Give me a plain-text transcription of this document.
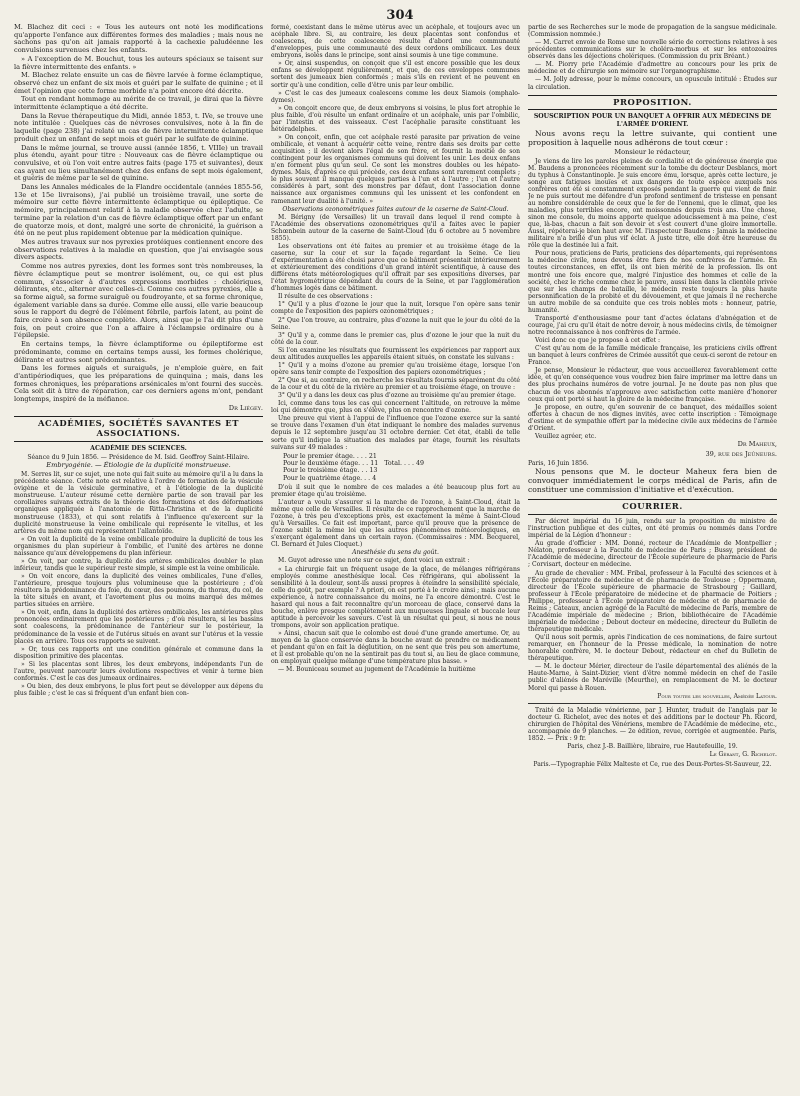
304

M. Blachez dit ceci : « Tous les auteurs ont noté les modifications qu'apporte l'enfance aux différentes formes des maladies ; mais nous ne sachons pas qu'on ait jamais rapporté à la cachexie paludéenne les convulsions survenues chez les enfants.

» A l'exception de M. Bouchut, tous les auteurs spéciaux se taisent sur la fièvre intermittente des enfants. »

M. Blachez relate ensuite un cas de fièvre larvée à forme éclamptique, observé chez un enfant de six mois et guéri par le sulfate de quinine ; et il émet l'opinion que cette forme morbide n'a point encore été décrite.

Tout en rendant hommage au mérite de ce travail, je dirai que la fièvre intermittente éclamptique a été décrite.

Dans la Revue thérapeutique du Midi, année 1853, t. IVe, se trouve une note intitulée : Quelques cas de névroses convulsives, note à la fin de laquelle (page 238) j'ai relaté un cas de fièvre intermittente éclamptique produit chez un enfant de sept mois et guéri par le sulfate de quinine.

Dans le même journal, se trouve aussi (année 1856, t. VIIIe) un travail plus étendu, ayant pour titre : Nouveaux cas de fièvre éclamptique ou convulsive, et où l'on voit entre autres faits (page 175 et suivantes), deux cas ayant eu lieu simultanément chez des enfans de sept mois également, et guéris de même par le sel de quinine.

Dans les Annales médicales de la Flandre occidentale (années 1855-56, 13e et 15e livraisons), j'ai publié un troisième travail, une sorte de mémoire sur cette fièvre intermittente éclamptique ou épileptique. Ce mémoire, principalement relatif à la maladie observée chez l'adulte, se termine par la relation d'un cas de fièvre éclamptique offert par un enfant de quatorze mois, et dont, malgré une sorte de chronicité, la guérison a été on ne peut plus rapidement obtenue par la médication quinique.

Mes autres travaux sur nos pyrexies protéiques contiennent encore des observations relatives à la maladie en question, que j'ai envisagée sous divers aspects.

Comme nos autres pyrexies, dont les formes sont très nombreuses, la fièvre éclamptique peut se montrer isolément, ou, ce qui est plus commun, s'associer à d'autres expressions morbides : cholériques, délirantes, etc., alterner avec celles-ci. Comme ces autres pyrexies, elle a sa forme aiguë, sa forme suraiguë ou foudroyante, et sa forme chronique, également variable dans sa durée. Comme elle aussi, elle varie beaucoup sous le rapport du degré de l'élément fébrile, parfois latent, au point de faire croire à son absence complète. Alors, ainsi que je l'ai dit plus d'une fois, on peut croire que l'on a affaire à l'éclampsie ordinaire ou à l'épilepsie.

En certains temps, la fièvre éclamptiforme ou épileptiforme est prédominante, comme en certains temps aussi, les formes cholérique, délirante et autres sont prédominantes.

Dans les formes aiguës et suraiguës, je n'emploie guère, en fait d'antipériodiques, que les préparations de quinquina ; mais, dans les formes chroniques, les préparations arsénicales m'ont fourni des succès. Cela soit dit à titre de réparation, car ces derniers agens m'ont, pendant longtemps, inspiré de la méfiance.

Dr Liégey.
ACADÉMIES, SOCIÉTÉS SAVANTES ET ASSOCIATIONS.
ACADÉMIE DES SCIENCES.

Séance du 9 Juin 1856. — Présidence de M. Isid. Geoffroy Saint-Hilaire.

Embryogénie. — Étiologie de la duplicité monstrueuse.

M. Serres lit, sur ce sujet, une note qui fait suite au mémoire qu'il a lu dans la précédente séance. Cette note est relative à l'ordre de formation de la vésicule ovigène et de la vésicule germinative, et à l'étiologie de la duplicité monstrueuse. L'auteur résume cette dernière partie de son travail par les corollaires suivans extraits de la théorie des formations et des déformations organiques appliquée à l'anatomie de Ritta-Christina et de la duplicité monstrueuse (1833), et qui sont relatifs à l'influence qu'exercent sur la duplicité monstrueuse la veine ombilicale qui représente le vitellus, et les artères du même nom qui représentent l'allantoïde.

« On voit la duplicité de la veine ombilicale produire la duplicité de tous les organismes du plan supérieur à l'ombilic, et l'unité des artères ne donne naissance qu'aux développemens du plan inférieur.

» On voit, par contre, la duplicité des artères ombilicales doubler le plan inférieur, tandis que le supérieur reste simple, si simple est la veine ombilicale.

» On voit encore, dans la duplicité des veines ombilicales, l'une d'elles, l'antérieure, presque toujours plus volumineuse que la postérieure ; d'où résultera la prédominance du foie, du cœur, des poumons, du thorax, du col, de la tête situés en avant, et l'avortement plus ou moins marqué des mêmes parties situées en arrière.

» On voit, enfin, dans la duplicité des artères ombilicales, les antérieures plus prononcées ordinairement que les postérieures ; d'où résultera, si les bassins sont coalescens, la prédominance de l'antérieur sur le postérieur, la prédominance de la vessie et de l'utérus situés en avant sur l'utérus et la vessie placés en arrière. Tous ces rapports se suivent.

» Or, tous ces rapports ont une condition générale et commune dans la disposition primitive des placentas.

» Si les placentas sont libres, les deux embryons, indépendants l'un de l'autre, peuvent parcourir leurs évolutions respectives et venir à terme bien conformés. C'est le cas des jumeaux ordinaires.

» Ou bien, des deux embryons, le plus fort peut se développer aux dépens du plus faible ; c'est le cas si fréquent d'un enfant bien con-

formé, coexistant dans le même utérus avec un acéphale, et toujours avec un acéphale libre. Si, au contraire, les deux placentas sont confondus et coalescens, de cette coalescence résulte d'abord une communauté d'enveloppes, puis une communauté des deux cordons ombilicaux. Les deux embryons, isolés dans le principe, sont ainsi soumis à une tige commune.

» Or, ainsi suspendus, on conçoit que s'il est encore possible que les deux enfans se développent régulièrement, et que, de ces enveloppes communes sortent des jumeaux bien conformés ; mais s'ils en revient et ne peuvent en sortir qu'à une condition, celle d'être unis par leur ombilic.

» C'est le cas des jumeaux coalescens comme les deux Siamois (omphalo-dymes).

» On conçoit encore que, de deux embryons si voisins, le plus fort atrophie le plus faible, d'où résulte un enfant ordinaire et un acéphale, unis par l'ombilic, par l'intestin et des vaisseaux. C'est l'acéphalie parasite constituant les hétéradelphes.

» On conçoit, enfin, que cet acéphale resté parasite par privation de veine ombilicale, et venant à acquérir cette veine, rentre dans ses droits par cette acquisition ; il devient alors l'égal de son frère, et fournit la moitié de son contingent pour les organismes communs qui doivent les unir. Les deux enfans n'en forment plus qu'un seul. Ce sont les monstres doubles ou les hépato-dymes. Mais, d'après ce qui précède, ces deux enfans sont rarement complets ; le plus souvent il manque quelques parties à l'un et à l'autre ; l'un et l'autre considérés à part, sont des monstres par défaut, dont l'association donne naissance aux organismes communs qui les unissent et les confondent en ramenant leur dualité à l'unité. »

Observations ozonométriques faites autour de la caserne de Saint-Cloud.

M. Bérigny (de Versailles) lit un travail dans lequel il rend compte à l'Académie des observations ozonométriques qu'il a faites avec le papier Schœnbein autour de la caserne de Saint-Cloud (du 6 octobre au 5 novembre 1855).

Les observations ont été faites au premier et au troisième étage de la caserne, sur la cour et sur la façade regardant la Seine. Ce lieu d'expérimentation a été choisi parce que ce bâtiment présentait intérieurement et extérieurement des conditions d'un grand intérêt scientifique, à cause des différens états météorologiques qu'il offrait par ses expositions diverses, par l'état hygrométrique dépendant du cours de la Seine, et par l'agglomération d'hommes logés dans ce bâtiment.

Il résulte de ces observations :

1° Qu'il y a plus d'ozone le jour que la nuit, lorsque l'on opère sans tenir compte de l'exposition des papiers ozonométriques ;

2° Que l'on trouve, au contraire, plus d'ozone la nuit que le jour du côté de la Seine.

3° Qu'il y a, comme dans le premier cas, plus d'ozone le jour que la nuit du côté de la cour.

Si l'on examine les résultats que fournissent les expériences par rapport aux deux altitudes auxquelles les appareils étaient situés, on constate les suivans :

1° Qu'il y a moins d'ozone au premier qu'au troisième étage, lorsque l'on opère sans tenir compte de l'exposition des papiers ozonométriques ;

2° Que si, au contraire, on recherche les résultats fournis séparément du côté de la cour et du côté de la rivière au premier et au troisième étage, on trouve :

3° Qu'il y a dans les deux cas plus d'ozone au troisième qu'au premier étage.

Ici, comme dans tous les cas qui concernent l'altitude, on retrouve la même loi qui démontre que, plus on s'élève, plus on rencontre d'ozone.

Une preuve qui vient à l'appui de l'influence que l'ozone exerce sur la santé se trouve dans l'examen d'un état indiquant le nombre des malades survenus depuis le 12 septembre jusqu'au 31 octobre dernier. Cet état, établi de telle sorte qu'il indique la situation des malades par étage, fournit les résultats suivans sur 49 malades :

Pour le premier étage. . . . 21
Pour le deuxième étage. . . 11 Total. . . . 49
Pour le troisième étage. . . 13
Pour le quatrième étage. . . 4

D'où il suit que le nombre de ces malades a été beaucoup plus fort au premier étage qu'au troisième.

L'auteur a voulu s'assurer si la marche de l'ozone, à Saint-Cloud, était la même que celle de Versailles. Il résulte de ce rapprochement que la marche de l'ozone, à très peu d'exceptions près, est exactement la même à Saint-Cloud qu'à Versailles. Ce fait est important, parce qu'il prouve que la présence de l'ozone subit la même loi que les autres phénomènes météorologiques, en s'exerçant également dans un certain rayon. (Commissaires : MM. Becquerel, Cl. Bernard et Jules Cloquet.)

Anesthésie du sens du goût.

M. Guyot adresse une note sur ce sujet, dont voici un extrait :

« La chirurgie fait un fréquent usage de la glace, de mélanges réfrigérans employés comme anesthésique local. Ces réfrigérans, qui abolissent la sensibilité à la douleur, sont-ils aussi propres à éteindre la sensibilité spéciale, celle du goût, par exemple ? A priori, on est porté à le croire ainsi ; mais aucune expérience, à notre connaissance du moins, ne l'a encore démontré. C'est le hasard qui nous a fait reconnaître qu'un morceau de glace, conservé dans la bouche, enlève presque complètement aux muqueuses linguale et buccale leur aptitude à percevoir les saveurs. C'est là un résultat qui peut, si nous ne nous trompons, avoir son application pratique.

» Ainsi, chacun sait que le colombo est doué d'une grande amertume. Or, au moyen de la glace conservée dans la bouche avant de prendre ce médicament et pendant qu'on en fait la déglutition, on ne sent que très peu son amertume, et il est probable qu'on ne la sentirait pas du tout si, au lieu de glace commune, on employait quelque mélange d'une température plus basse. »

— M. Bouniceau soumet au jugement de l'Académie la huitième

partie de ses Recherches sur le mode de propagation de la sangsue médicinale. (Commission nommée.)

— M. Carret envoie de Rome une nouvelle série de corrections relatives à ses précédentes communications sur le choléra-morbus et sur les entozoaires observés dans les déjections cholériques. (Commission du prix Bréant.)

— M. Piorry prie l'Académie d'admettre au concours pour les prix de médecine et de chirurgie son mémoire sur l'organographisme.

— M. Jolly adresse, pour le même concours, un opuscule intitulé : Études sur la circulation.

PROPOSITION.
SOUSCRIPTION POUR UN BANQUET A OFFRIR AUX MÉDECINS DE L'ARMÉE D'ORIENT.

Nous avons reçu la lettre suivante, qui contient une proposition à laquelle nous adhérons de tout cœur :

Monsieur le rédacteur,

Je viens de lire les paroles pleines de cordialité et de généreuse énergie que M. Baudens a prononcées récemment sur la tombe du docteur Desblancs, mort du typhus à Constantinople. Je suis encore ému, lorsque, après cette lecture, je songe aux fatigues inouïes et aux dangers de toute espèce auxquels nos confrères ont été si constamment exposés pendant la guerre qui vient de finir. Je ne puis surtout me défendre d'un profond sentiment de tristesse en pensant au nombre considérable de ceux que le fer de l'ennemi, que le climat, que les maladies, plus terribles encore, ont moissonnés depuis trois ans. Une chose, sinon me console, du moins apporte quelque adoucissement à ma peine, c'est que, là-bas, chacun a fait son devoir et s'est couvert d'une gloire immortelle. Aussi, répéterai-je bien haut avec M. l'inspecteur Baudens : Jamais la médecine militaire n'a brillé d'un plus vif éclat. A juste titre, elle doit être heureuse du rôle que la destinée lui a fait.

Pour nous, praticiens de Paris, praticiens des départements, qui représentons la médecine civile, nous devons être fiers de nos confrères de l'armée. En toutes circonstances, en effet, ils ont bien mérité de la profession. Ils ont montré une fois encore que, malgré l'injustice des hommes et celle de la société, chez le riche comme chez le pauvre, aussi bien dans la clientèle privée que sur les champs de bataille, le médecin reste toujours la plus haute personnification de la probité et du dévouement, et que jamais il ne recherche un autre mobile de sa conduite que ces trois nobles mots : honneur, patrie, humanité.

Transporté d'enthousiasme pour tant d'actes éclatans d'abnégation et de courage, j'ai cru qu'il était de notre devoir, à nous médecins civils, de témoigner notre reconnaissance à nos confrères de l'armée.

Voici donc ce que je propose à cet effet :

C'est qu'au nom de la famille médicale française, les praticiens civils offrent un banquet à leurs confrères de Crimée aussitôt que ceux-ci seront de retour en France.

Je pense, Monsieur le rédacteur, que vous accueillerez favorablement cette idée, et qu'en conséquence vous voudrez bien faire imprimer ma lettre dans un des plus prochains numéros de votre journal. Je ne doute pas non plus que chacun de vos abonnés n'approuve avec satisfaction cette manière d'honorer ceux qui ont porté si haut la gloire de la médecine française.

Je propose, en outre, qu'en souvenir de ce banquet, des médailles soient offertes à chacun de nos dignes invités, avec cette inscription : Témoignage d'estime et de sympathie offert par la médecine civile aux médecins de l'armée d'Orient.

Veuillez agréer, etc.

Dr Maheux,
39, rue des Jeûneurs.

Paris, 16 Juin 1856.

Nous pensons que M. le docteur Maheux fera bien de convoquer immédiatement le corps médical de Paris, afin de constituer une commission d'initiative et d'exécution.

COURRIER.

Par décret impérial du 16 juin, rendu sur la proposition du ministre de l'instruction publique et des cultes, ont été promus ou nommés dans l'ordre impérial de la Légion d'honneur :

Au grade d'officier : MM. Donné, recteur de l'Académie de Montpellier ; Nélaton, professeur à la Faculté de médecine de Paris ; Bussy, président de l'Académie de médecine, directeur de l'École supérieure de pharmacie de Paris ; Corvisart, docteur en médecine.

Au grade de chevalier : MM. Fribal, professeur à la Faculté des sciences et à l'École préparatoire de médecine et de pharmacie de Toulouse ; Oppermann, directeur de l'École supérieure de pharmacie de Strasbourg ; Gaillard, professeur à l'École préparatoire de médecine et de pharmacie de Poitiers ; Philippe, professeur à l'École préparatoire de médecine et de pharmacie de Reims ; Cateaux, ancien agrégé de la Faculté de médecine de Paris, membre de l'Académie impériale de médecine ; Brion, bibliothécaire de l'Académie impériale de médecine ; Debout docteur en médecine, directeur du Bulletin de thérapeutique médicale.

Qu'il nous soit permis, après l'indication de ces nominations, de faire surtout remarquer, en l'honneur de la Presse médicale, la nomination de notre honorable confrère, M. le docteur Debout, rédacteur en chef du Bulletin de thérapeutique.

— M. le docteur Mérier, directeur de l'asile départemental des aliénés de la Haute-Marne, à Saint-Dizier, vient d'être nommé médecin en chef de l'asile public d'aliénés de Maréville (Meurthe), en remplacement de M. le docteur Morel qui passe à Rouen.

Pour toutes les nouvelles, Amédée Latour.

Traité de la Maladie vénérienne, par J. Hunter, traduit de l'anglais par le docteur G. Richelot, avec des notes et des additions par le docteur Ph. Ricord, chirurgien de l'hôpital des Vénériens, membre de l'Académie de médecine, etc., accompagnée de 9 planches. — 2e édition, revue, corrigée et augmentée. Paris, 1852. — Prix : 9 fr.

Paris, chez J.-B. Baillière, libraire, rue Hautefeuille, 19.

Le Gérant, G. Richelot.
Paris.—Typographie Félix Malteste et Ce, rue des Deux-Portes-St-Sauveur, 22.
